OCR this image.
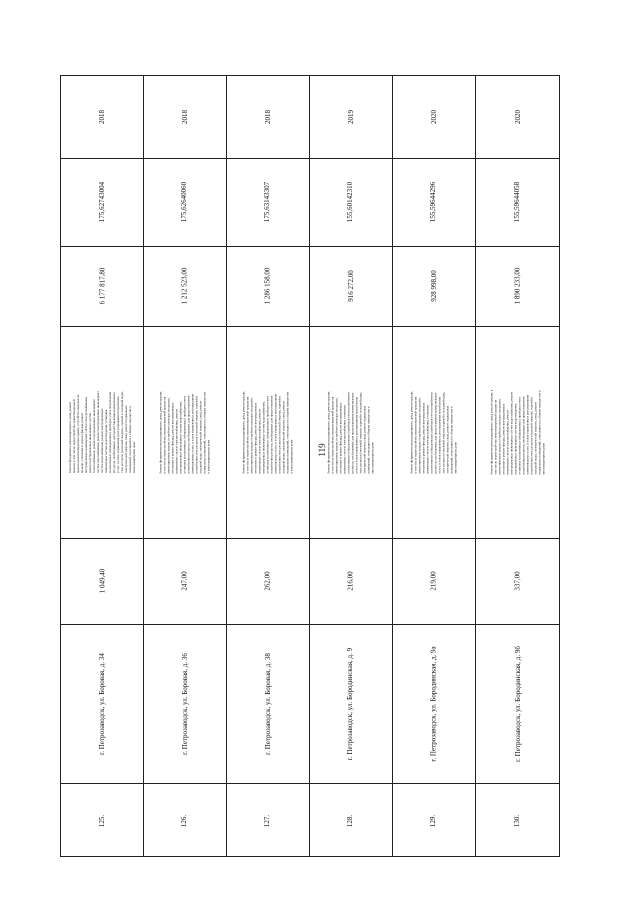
119
2018
175,62743004
6 177 817,80
Ремонт фундамента многоквартирного дома, ремонт крыши, в том числе переустройство невентилируемой крыши на вентилируемую крышу, устройство выходов на кровлю, утепление и ремонт фасада, ремонт внутридомовых инженерных систем электроснабжения, ремонт внутридомовых инженерных систем теплоснабжения, ремонт внутридомовых инженерных систем газоснабжения, ремонт внутридомовых инженерных систем водоснабжения, ремонт внутридомовых инженерных систем водоотведения, установка коллективных (общедомовых) приборов учета потребления ресурсов, необходимых для предоставления коммунальных услуг, и узлов управления и регулирования потребления этих ресурсов (тепловой энергии, горячей и холодной воды, электрической энергии, газа), ремонт подвальных помещений, относящихся к общему имуществу в многоквартирном доме
1 049,40
г. Петрозаводск, ул. Боровая, д. 34
125.
2018
175,62640060
1 212 523,00
Ремонт фундамента многоквартирного дома, ремонт крыши, в том числе переустройство невентилируемой крыши на вентилируемую крышу, устройство выходов на кровлю, утепление и ремонт фасада, ремонт внутридомовых инженерных систем электроснабжения, ремонт внутридомовых инженерных систем водоснабжения, установка коллективных (общедомовых) приборов учета потребления ресурсов, необходимых для предоставления коммунальных услуг, и узлов управления и регулирования потребления этих ресурсов (тепловой энергии, горячей и холодной воды, электрической энергии, газа), ремонт подвальных помещений, относящихся к общему имуществу в многоквартирном доме
247,00
г. Петрозаводск, ул. Боровая, д. 36
126.
2018
175,63143307
1 286 158,00
Ремонт фундамента многоквартирного дома, ремонт крыши, в том числе переустройство невентилируемой крыши на вентилируемую крышу, устройство выходов на кровлю, утепление и ремонт фасада, ремонт внутридомовых инженерных систем электроснабжения, ремонт внутридомовых инженерных систем водоснабжения, установка коллективных (общедомовых) приборов учета потребления ресурсов, необходимых для предоставления коммунальных услуг, и узлов управления и регулирования потребления этих ресурсов (тепловой энергии, горячей и холодной воды, электрической энергии, газа), ремонт подвальных помещений, относящихся к общему имуществу в многоквартирном доме
262,00
г. Петрозаводск, ул. Боровая, д. 38
127.
2019
155,60142310
916 272,00
Ремонт фундамента многоквартирного дома, ремонт крыши, в том числе переустройство невентилируемой крыши на вентилируемую крышу, устройство выходов на кровлю, утепление и ремонт фасада, ремонт внутридомовых инженерных систем электроснабжения, установка коллективных (общедомовых) приборов учета потребления ресурсов, необходимых для предоставления коммунальных услуг, и узлов управления и регулирования потребления этих ресурсов (тепловой энергии, горячей и холодной воды, электрической энергии, газа), ремонт подвальных помещений, относящихся к общему имуществу в многоквартирном доме
216,00
г. Петрозаводск, ул. Бородинская, д. 9
128.
2020
155,59644296
928 998,00
Ремонт фундамента многоквартирного дома, ремонт крыши, в том числе переустройство невентилируемой крыши на вентилируемую крышу, устройство выходов на кровлю, утепление и ремонт фасада, ремонт внутридомовых инженерных систем электроснабжения, установка коллективных (общедомовых) приборов учета потребления ресурсов, необходимых для предоставления коммунальных услуг, и узлов управления и регулирования потребления этих ресурсов (тепловой энергии, горячей и холодной воды, электрической энергии, газа), ремонт подвальных помещений, относящихся к общему имуществу в многоквартирном доме
219,00
г. Петрозаводск, ул. Бородинская, д. 9а
129.
2020
155,59644058
1 890 233,00
Ремонт фундамента многоквартирного дома, ремонт крыши, в том числе переустройство невентилируемой крыши на вентилируемую крышу, устройство выходов на кровлю, утепление и ремонт фасада, ремонт внутридомовых инженерных систем электроснабжения, ремонт внутридомовых инженерных систем водоснабжения, ремонт внутридомовых инженерных систем водоотведения, установка коллективных (общедомовых) приборов учета потребления ресурсов, необходимых для предоставления коммунальных услуг, и узлов управления и регулирования потребления этих ресурсов (тепловой энергии, горячей и холодной воды, электрической энергии, газа), ремонт подвальных помещений, относящихся к общему имуществу в многоквартирном доме
337,00
г. Петрозаводск, ул. Бородинская, д. 9б
130.
